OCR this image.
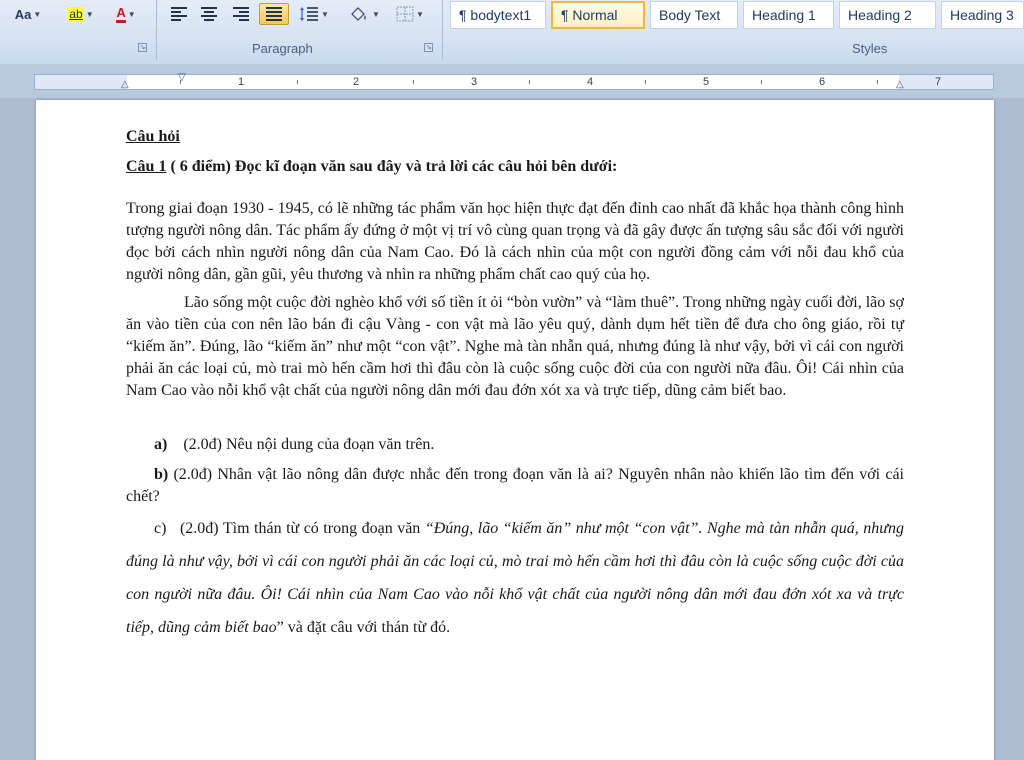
Aa ▼ ab ▼ A ▼	▼	▼	▼
Paragraph
↘	↘
¶ bodytext1 ¶ Normal	Body Text Heading 1 Heading 2	Heading 3
Styles
1	2	3	4	5	6	7
▽
△	△

Câu hỏi

Câu 1 ( 6 điểm) Đọc kĩ đoạn văn sau đây và trả lời các câu hỏi bên dưới:

Trong giai đoạn 1930 - 1945, có lẽ những tác phẩm văn học hiện thực đạt đến đỉnh cao nhất đã khắc họa thành công hình tượng người nông dân. Tác phẩm ấy đứng ở một vị trí vô cùng quan trọng và đã gây được ấn tượng sâu sắc đối với người đọc bởi cách nhìn người nông dân của Nam Cao. Đó là cách nhìn của một con người đồng cảm với nỗi đau khổ của người nông dân, gần gũi, yêu thương và nhìn ra những phẩm chất cao quý của họ.

Lão sống một cuộc đời nghèo khổ với số tiền ít ỏi “bòn vườn” và “làm thuê”. Trong những ngày cuối đời, lão sợ ăn vào tiền của con nên lão bán đi cậu Vàng - con vật mà lão yêu quý, dành dụm hết tiền để đưa cho ông giáo, rồi tự “kiếm ăn”. Đúng, lão “kiếm ăn” như một “con vật”. Nghe mà tàn nhẫn quá, nhưng đúng là như vậy, bởi vì cái con người phải ăn các loại củ, mò trai mò hến cầm hơi thì đâu còn là cuộc sống cuộc đời của con người nữa đâu. Ôi! Cái nhìn của Nam Cao vào nỗi khổ vật chất của người nông dân mới đau đớn xót xa và trực tiếp, dũng cảm biết bao.

a) (2.0đ) Nêu nội dung của đoạn văn trên.

b) (2.0đ) Nhân vật lão nông dân được nhắc đến trong đoạn văn là ai? Nguyên nhân nào khiến lão tìm đến với cái chết?

c) (2.0đ) Tìm thán từ có trong đoạn văn “Đúng, lão “kiếm ăn” như một “con vật”. Nghe mà tàn nhẫn quá, nhưng đúng là như vậy, bởi vì cái con người phải ăn các loại củ, mò trai mò hến cầm hơi thì đâu còn là cuộc sống cuộc đời của con người nữa đâu. Ôi! Cái nhìn của Nam Cao vào nỗi khổ vật chất của người nông dân mới đau đớn xót xa và trực tiếp, dũng cảm biết bao” và đặt câu với thán từ đó.
